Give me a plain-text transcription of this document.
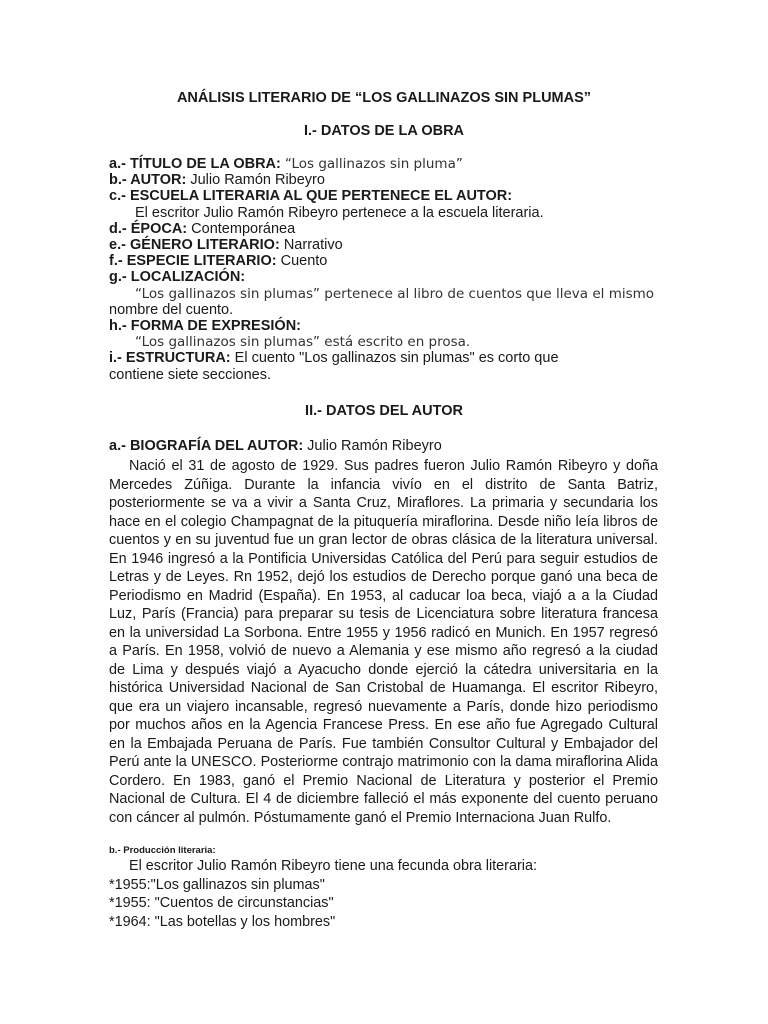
ANÁLISIS LITERARIO DE “LOS GALLINAZOS SIN PLUMAS”
I.- DATOS DE LA OBRA
a.- TÍTULO DE LA OBRA: “Los gallinazos sin pluma”
b.- AUTOR: Julio Ramón Ribeyro
c.- ESCUELA LITERARIA AL QUE PERTENECE EL AUTOR:
El escritor Julio Ramón Ribeyro pertenece a la escuela literaria.
d.- ÉPOCA: Contemporánea
e.- GÉNERO LITERARIO: Narrativo
f.- ESPECIE LITERARIO: Cuento
g.- LOCALIZACIÓN:
“Los gallinazos sin plumas” pertenece al libro de cuentos que lleva el mismo
nombre del cuento.
h.- FORMA DE EXPRESIÓN:
“Los gallinazos sin plumas” está escrito en prosa.
i.- ESTRUCTURA: El cuento "Los gallinazos sin plumas" es corto que
contiene siete secciones.
II.- DATOS DEL AUTOR
a.- BIOGRAFÍA DEL AUTOR: Julio Ramón Ribeyro

Nació el 31 de agosto de 1929. Sus padres fueron Julio Ramón Ribeyro y doña Mercedes Zúñiga. Durante la infancia vivío en el distrito de Santa Batriz, posteriormente se va a vivir a Santa Cruz, Miraflores. La primaria y secundaria los hace en el colegio Champagnat de la pituquería miraflorina. Desde niño leía libros de cuentos y en su juventud fue un gran lector de obras clásica de la literatura universal. En 1946 ingresó a la Pontificia Universidas Católica del Perú para seguir estudios de Letras y de Leyes. Rn 1952, dejó los estudios de Derecho porque ganó una beca de Periodismo en Madrid (España). En 1953, al caducar loa beca, viajó a a la Ciudad Luz, París (Francia) para preparar su tesis de Licenciatura sobre literatura francesa en la universidad La Sorbona. Entre 1955 y 1956 radicó en Munich. En 1957 regresó a París. En 1958, volvió de nuevo a Alemania y ese mismo año regresó a la ciudad de Lima y después viajó a Ayacucho donde ejerció la cátedra universitaria en la histórica Universidad Nacional de San Cristobal de Huamanga. El escritor Ribeyro, que era un viajero incansable, regresó nuevamente a París, donde hizo periodismo por muchos años en la Agencia Francese Press. En ese año fue Agregado Cultural en la Embajada Peruana de París. Fue también Consultor Cultural y Embajador del Perú ante la UNESCO. Posteriorme contrajo matrimonio con la dama miraflorina Alida Cordero. En 1983, ganó el Premio Nacional de Literatura y posterior el Premio Nacional de Cultura. El 4 de diciembre falleció el más exponente del cuento peruano con cáncer al pulmón. Póstumamente ganó el Premio Internaciona Juan Rulfo.

b.- Producción literaria:
El escritor Julio Ramón Ribeyro tiene una fecunda obra literaria:
*1955:"Los gallinazos sin plumas"
*1955: "Cuentos de circunstancias"
*1964: "Las botellas y los hombres"
